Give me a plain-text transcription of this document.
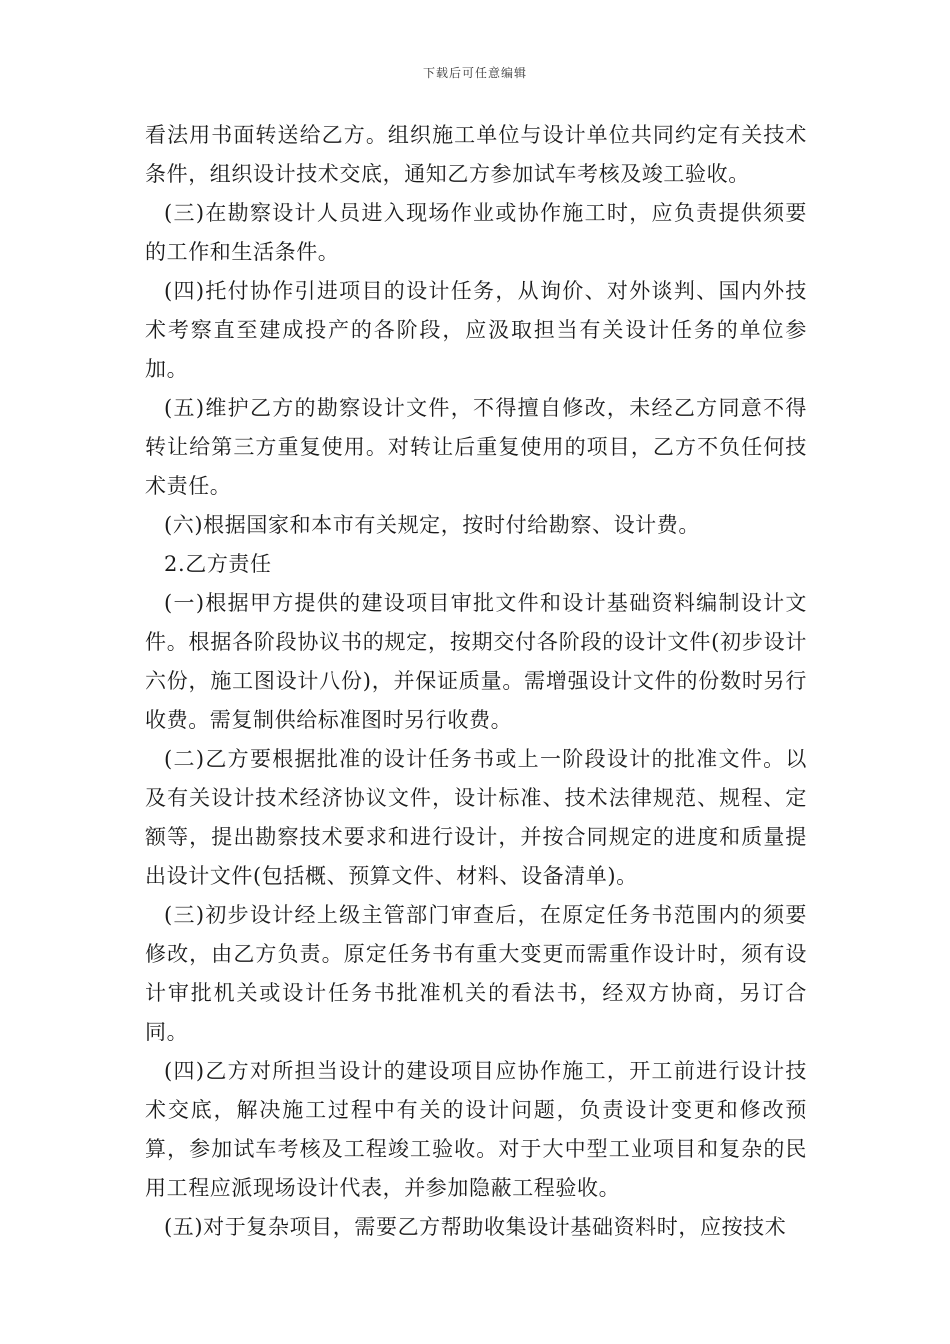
下载后可任意编辑

看法用书面转送给乙方。组织施工单位与设计单位共同约定有关技术条件，组织设计技术交底，通知乙方参加试车考核及竣工验收。

(三)在勘察设计人员进入现场作业或协作施工时，应负责提供须要的工作和生活条件。

(四)托付协作引进项目的设计任务，从询价、对外谈判、国内外技术考察直至建成投产的各阶段，应汲取担当有关设计任务的单位参加。

(五)维护乙方的勘察设计文件，不得擅自修改，未经乙方同意不得转让给第三方重复使用。对转让后重复使用的项目，乙方不负任何技术责任。

(六)根据国家和本市有关规定，按时付给勘察、设计费。

2.乙方责任

(一)根据甲方提供的建设项目审批文件和设计基础资料编制设计文件。根据各阶段协议书的规定，按期交付各阶段的设计文件(初步设计六份，施工图设计八份)，并保证质量。需增强设计文件的份数时另行收费。需复制供给标准图时另行收费。

(二)乙方要根据批准的设计任务书或上一阶段设计的批准文件。以及有关设计技术经济协议文件，设计标准、技术法律规范、规程、定额等，提出勘察技术要求和进行设计，并按合同规定的进度和质量提出设计文件(包括概、预算文件、材料、设备清单)。

(三)初步设计经上级主管部门审查后，在原定任务书范围内的须要修改，由乙方负责。原定任务书有重大变更而需重作设计时，须有设计审批机关或设计任务书批准机关的看法书，经双方协商，另订合同。

(四)乙方对所担当设计的建设项目应协作施工，开工前进行设计技术交底，解决施工过程中有关的设计问题，负责设计变更和修改预算，参加试车考核及工程竣工验收。对于大中型工业项目和复杂的民用工程应派现场设计代表，并参加隐蔽工程验收。

(五)对于复杂项目，需要乙方帮助收集设计基础资料时，应按技术
